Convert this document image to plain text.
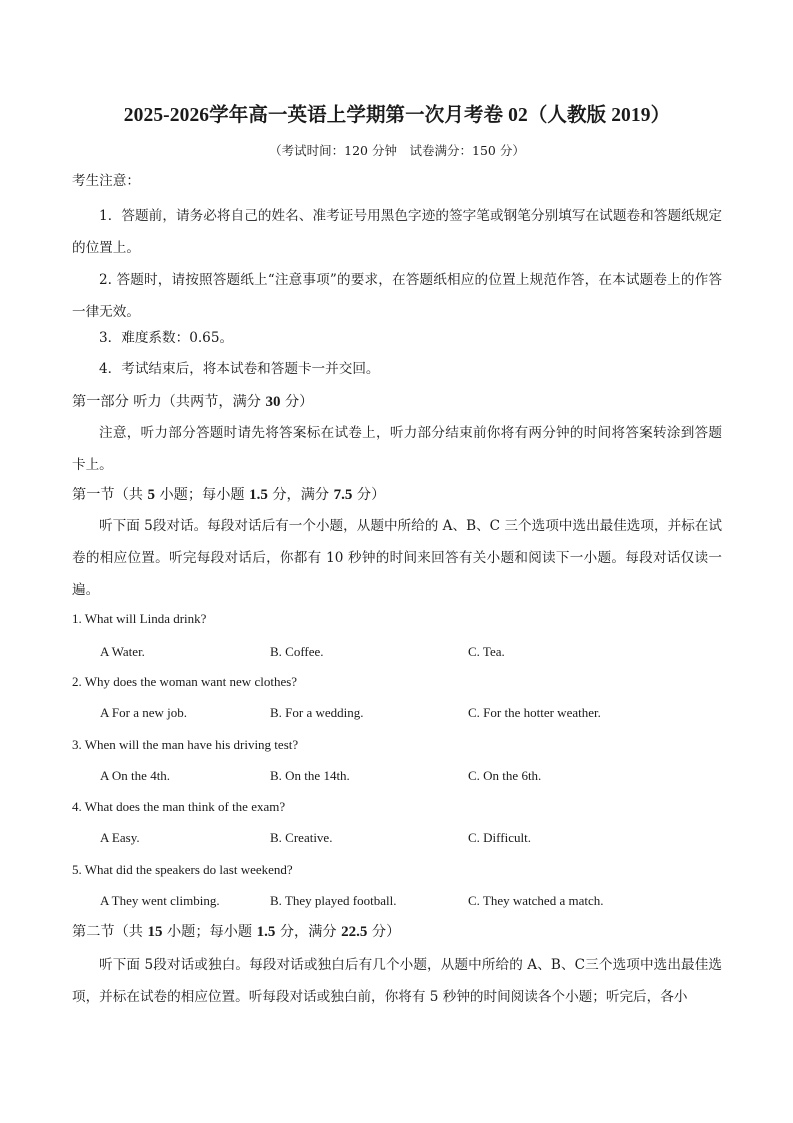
2025-2026学年高一英语上学期第一次月考卷 02（人教版 2019）
（考试时间：120 分钟　试卷满分：150 分）
考生注意：
1．答题前，请务必将自己的姓名、准考证号用黑色字迹的签字笔或钢笔分别填写在试题卷和答题纸规定的位置上。
2. 答题时，请按照答题纸上“注意事项”的要求，在答题纸相应的位置上规范作答，在本试题卷上的作答一律无效。
3．难度系数：0.65。
4．考试结束后，将本试卷和答题卡一并交回。
第一部分 听力（共两节，满分 30 分）
注意，听力部分答题时请先将答案标在试卷上，听力部分结束前你将有两分钟的时间将答案转涂到答题卡上。
第一节（共 5 小题；每小题 1.5 分，满分 7.5 分）
听下面 5段对话。每段对话后有一个小题，从题中所给的 A、B、C 三个选项中选出最佳选项，并标在试卷的相应位置。听完每段对话后，你都有 10 秒钟的时间来回答有关小题和阅读下一小题。每段对话仅读一遍。
1. What will Linda drink?
A Water.	B. Coffee.	C. Tea.
2. Why does the woman want new clothes?
A For a new job.	B. For a wedding.	C. For the hotter weather.
3. When will the man have his driving test?
A On the 4th.	B. On the 14th.	C. On the 6th.
4. What does the man think of the exam?
A Easy.	B. Creative.	C. Difficult.
5. What did the speakers do last weekend?
A They went climbing.	B. They played football.	C. They watched a match.
第二节（共 15 小题；每小题 1.5 分，满分 22.5 分）
听下面 5段对话或独白。每段对话或独白后有几个小题，从题中所给的 A、B、C三个选项中选出最佳选项，并标在试卷的相应位置。听每段对话或独白前，你将有 5 秒钟的时间阅读各个小题；听完后，各小
